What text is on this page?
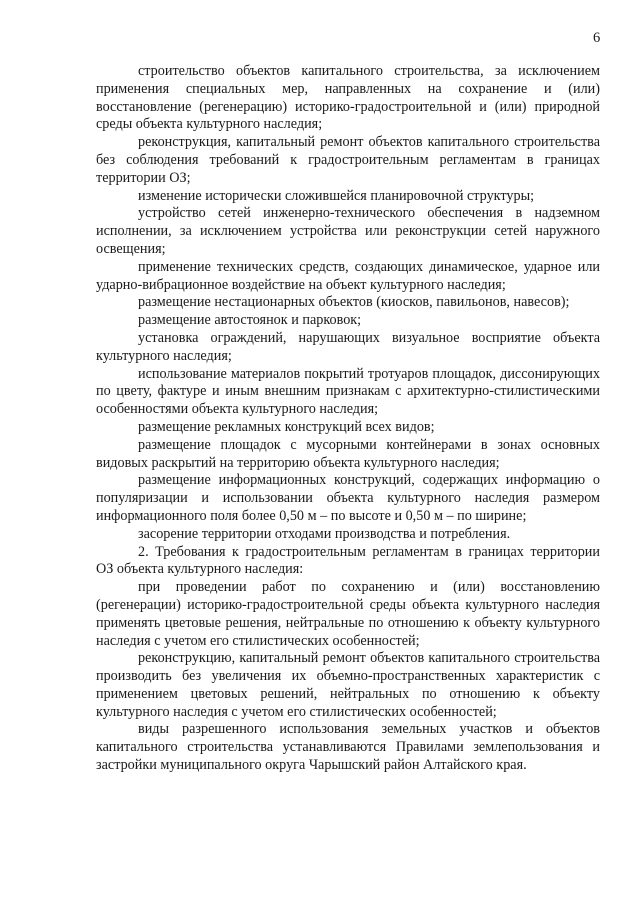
6

строительство объектов капитального строительства, за исключением применения специальных мер, направленных на сохранение и (или) восстановление (регенерацию) историко-градостроительной и (или) природной среды объекта культурного наследия;

реконструкция, капитальный ремонт объектов капитального строительства без соблюдения требований к градостроительным регламентам в границах территории ОЗ;

изменение исторически сложившейся планировочной структуры;

устройство сетей инженерно-технического обеспечения в надземном исполнении, за исключением устройства или реконструкции сетей наружного освещения;

применение технических средств, создающих динамическое, ударное или ударно-вибрационное воздействие на объект культурного наследия;

размещение нестационарных объектов (киосков, павильонов, навесов);

размещение автостоянок и парковок;

установка ограждений, нарушающих визуальное восприятие объекта культурного наследия;

использование материалов покрытий тротуаров площадок, диссонирующих по цвету, фактуре и иным внешним признакам с архитектурно-стилистическими особенностями объекта культурного наследия;

размещение рекламных конструкций всех видов;

размещение площадок с мусорными контейнерами в зонах основных видовых раскрытий на территорию объекта культурного наследия;

размещение информационных конструкций, содержащих информацию о популяризации и использовании объекта культурного наследия размером информационного поля более 0,50 м – по высоте и 0,50 м – по ширине;

засорение территории отходами производства и потребления.

2. Требования к градостроительным регламентам в границах территории ОЗ объекта культурного наследия:

при проведении работ по сохранению и (или) восстановлению (регенерации) историко-градостроительной среды объекта культурного наследия применять цветовые решения, нейтральные по отношению к объекту культурного наследия с учетом его стилистических особенностей;

реконструкцию, капитальный ремонт объектов капитального строительства производить без увеличения их объемно-пространственных характеристик с применением цветовых решений, нейтральных по отношению к объекту культурного наследия с учетом его стилистических особенностей;

виды разрешенного использования земельных участков и объектов капитального строительства устанавливаются Правилами землепользования и застройки муниципального округа Чарышский район Алтайского края.
